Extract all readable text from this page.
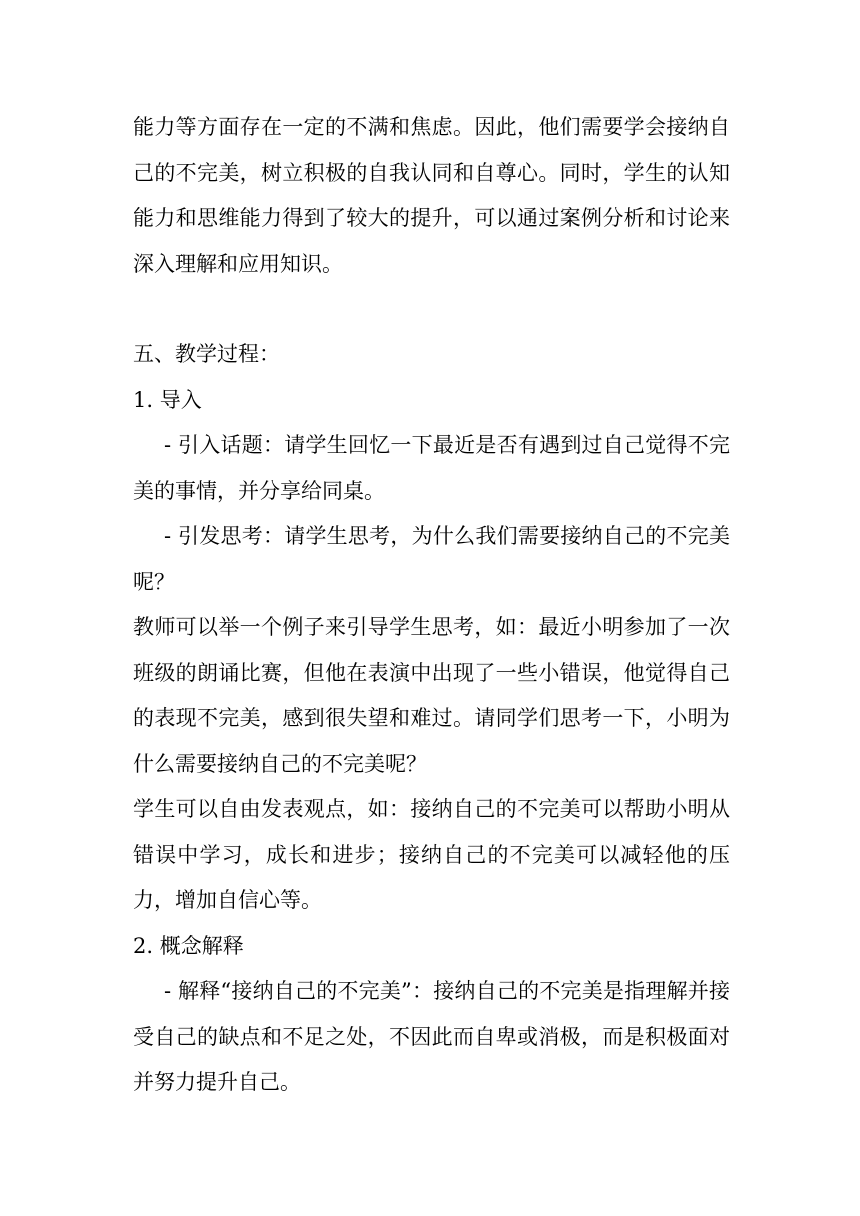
能力等方面存在一定的不满和焦虑。因此，他们需要学会接纳自己的不完美，树立积极的自我认同和自尊心。同时，学生的认知能力和思维能力得到了较大的提升，可以通过案例分析和讨论来深入理解和应用知识。

五、教学过程：

1. 导入

- 引入话题：请学生回忆一下最近是否有遇到过自己觉得不完美的事情，并分享给同桌。

- 引发思考：请学生思考，为什么我们需要接纳自己的不完美呢？

教师可以举一个例子来引导学生思考，如：最近小明参加了一次班级的朗诵比赛，但他在表演中出现了一些小错误，他觉得自己的表现不完美，感到很失望和难过。请同学们思考一下，小明为什么需要接纳自己的不完美呢？

学生可以自由发表观点，如：接纳自己的不完美可以帮助小明从错误中学习，成长和进步；接纳自己的不完美可以减轻他的压力，增加自信心等。

2. 概念解释

- 解释“接纳自己的不完美”：接纳自己的不完美是指理解并接受自己的缺点和不足之处，不因此而自卑或消极，而是积极面对并努力提升自己。
